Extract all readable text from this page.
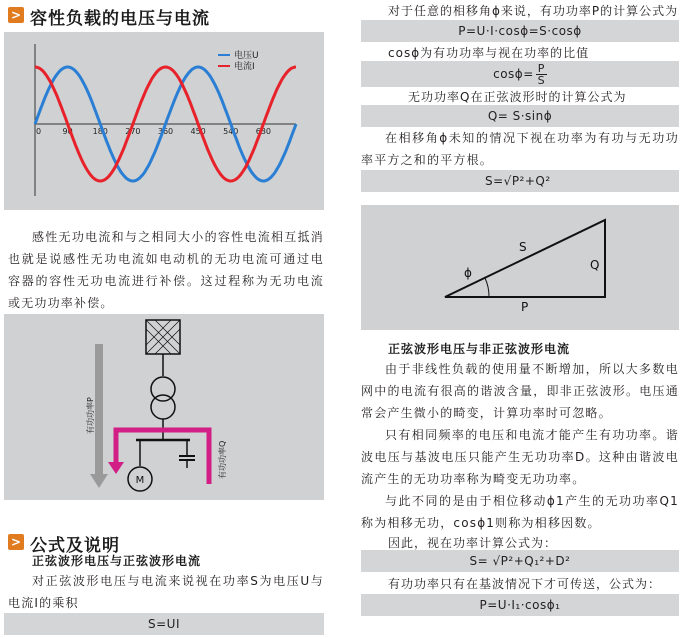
> 容性负载的电压与电流
0	90 180 270 360 450 540 630
电压U
电流I
感性无功电流和与之相同大小的容性电流相互抵消也就是说感性无功电流如电动机的无功电流可通过电容器的容性无功电流进行补偿。这过程称为无功电流或无功功率补偿。
有功功率P
有功功率Q
M
> 公式及说明
正弦波形电压与正弦波形电流
对正弦波形电压与电流来说视在功率S为电压U与电流I的乘积
S=UI
对于任意的相移角ϕ来说，有功功率P的计算公式为
P=U·I·cosϕ=S·cosϕ
cosϕ为有功功率与视在功率的比值
$\cos\phi= \frac{P}{S}$
无功功率Q在正弦波形时的计算公式为
Q= S·sinϕ
在相移角ϕ未知的情况下视在功率为有功与无功功率平方之和的平方根。
S=√P²+Q²
S
Q
P
ϕ
正弦波形电压与非正弦波形电流
由于非线性负载的使用量不断增加，所以大多数电网中的电流有很高的谐波含量，即非正弦波形。电压通常会产生微小的畸变，计算功率时可忽略。
只有相同频率的电压和电流才能产生有功功率。谐波电压与基波电压只能产生无功功率D。这种由谐波电流产生的无功功率称为畸变无功功率。
与此不同的是由于相位移动ϕ1产生的无功功率Q1称为相移无功，cosϕ1则称为相移因数。
因此，视在功率计算公式为：
S= √P²+Q₁²+D²
有功功率只有在基波情况下才可传送，公式为：
P=U·I₁·cosϕ₁
